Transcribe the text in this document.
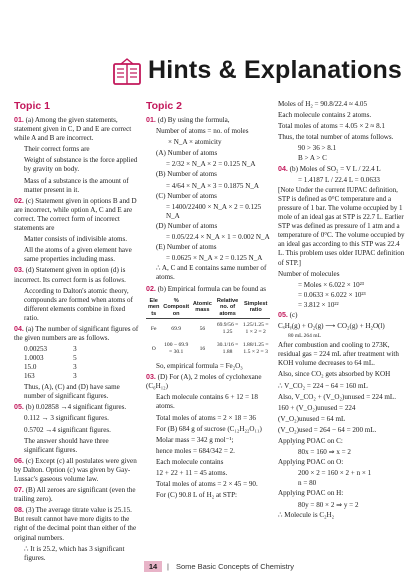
Hints & Explanations
Topic 1
01. (a) Among the given statements, statement given in C, D and E are correct while A and B are incorrect.
Their correct forms are
Weight of substance is the force applied by gravity on body.
Mass of a substance is the amount of matter present in it.
02. (c) Statement given in options B and D are incorrect, while option A, C and E are correct. The correct form of incorrect statements are
Matter consists of indivisible atoms.
All the atoms of a given element have same properties including mass.
03. (d) Statement given in option (d) is incorrect. Its correct form is as follows.
According to Dalton's atomic theory, compounds are formed when atoms of different elements combine in fixed ratio.
04. (a) The number of significant figures of the given numbers are as follows.
0.00253	3
1.0003	5
15.0	3
163	3
Thus, (A), (C) and (D) have same number of significant figures.
05. (b) 0.02858 →4 significant figures.
0.112 → 3 significant figures.
0.5702 →4 significant figures.
The answer should have three significant figures.
06. (c) Except (c) all postulates were given by Dalton. Option (c) was given by Gay-Lussac's gaseous volume law.
07. (B) All zeroes are significant (even the trailing zero).
08. (3) The average titrate value is 25.15. But result cannot have more digits to the right of the decimal point than either of the original numbers.
∴ It is 25.2, which has 3 significant figures.
Topic 2
01. (d) By using the formula,
Number of atoms = no. of moles
× N_A × atomicity
(A) Number of atoms
= 2/32 × N_A × 2 = 0.125 N_A
(B) Number of atoms
= 4/64 × N_A × 3 = 0.1875 N_A
(C) Number of atoms
= 1400/22400 × N_A × 2 = 0.125 N_A
(D) Number of atoms
= 0.05/22.4 × N_A × 1 = 0.002 N_A
(E) Number of atoms
= 0.0625 × N_A × 2 = 0.125 N_A
∴ A, C and E contains same number of atoms.
02. (b) Empirical formula can be found as
Ele men ts	% Composit on	Atomic mass	Relative no. of atoms	Simplest ratio
Fe	69.9	56	69.9/56 = 1.25	1.25/1.25 = 1 × 2 = 2
O	100 − 69.9 = 30.1	16	30.1/16 = 1.88	1.88/1.25 = 1.5 × 2 = 3
So, empirical formula = Fe₂O₃
03. (D) For (A), 2 moles of cyclohexane (C₆H₁₂)
Each molecule contains 6 + 12 = 18 atoms.
Total moles of atoms = 2 × 18 = 36
For (B) 684 g of sucrose (C₁₂H₂₂O₁₁)
Molar mass = 342 g mol⁻¹;
hence moles = 684/342 = 2.
Each molecule contains
12 + 22 + 11 = 45 atoms.
Total moles of atoms = 2 × 45 = 90.
For (C) 90.8 L of H₂ at STP:
Moles of H₂ = 90.8/22.4 ≈ 4.05
Each molecule contains 2 atoms.
Total moles of atoms = 4.05 × 2 ≈ 8.1
Thus, the total number of atoms follows.
90 > 36 > 8.1
B > A > C
04. (b) Moles of SO₂ = V L / 22.4 L
= 1.4187 L / 22.4 L = 0.0633
[Note Under the current IUPAC definition, STP is defined as 0°C temperature and a pressure of 1 bar. The volume occupied by 1 mole of an ideal gas at STP is 22.7 L. Earlier STP was defined as pressure of 1 atm and a temperature of 0°C. The volume occupied by an ideal gas according to this STP was 22.4 L. This problem uses older IUPAC definition of STP.]
Number of molecules
= Moles × 6.022 × 10²³
= 0.0633 × 6.022 × 10²³
= 3.812 × 10²²
05. (c)
CₓHᵧ(g) + O₂(g) ⟶ CO₂(g) + H₂O(l)
80 mL 264 mL
After combustion and cooling to 273K, residual gas = 224 mL after treatment with KOH volume decreases to 64 mL.
Also, since CO₂ gets absorbed by KOH
∴ V_CO₂ = 224 − 64 = 160 mL
Also, V_CO₂ + (V_O₂)unused = 224 mL.
160 + (V_O₂)unused = 224
(V_O₂)unused = 64 mL
(V_O₂)used = 264 − 64 = 200 mL.
Applying POAC on C:
80x = 160 ⇒ x = 2
Applying POAC on O:
200 × 2 = 160 × 2 + n × 1
n = 80
Applying POAC on H:
80y = 80 × 2 ⇒ y = 2
∴ Molecule is C₂H₂
14	| Some Basic Concepts of Chemistry
